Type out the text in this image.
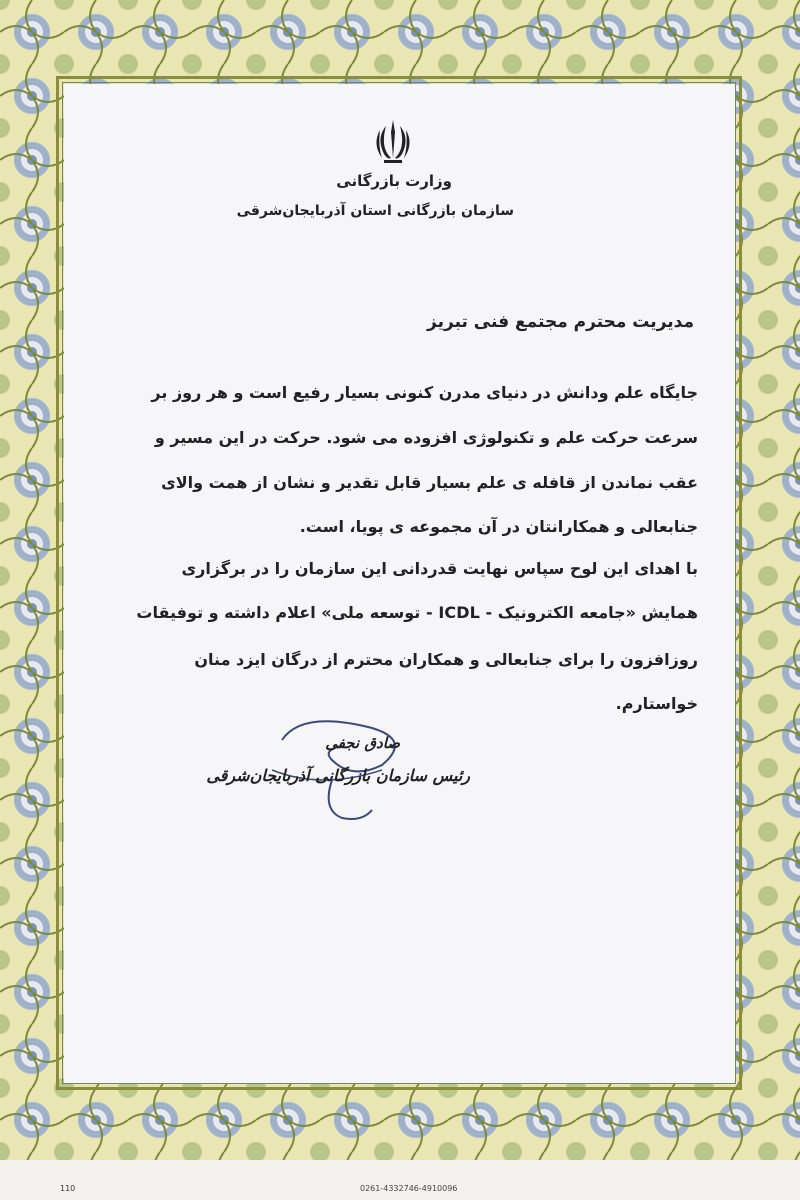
وزارت بازرگانی
سازمان بازرگانی استان آذربایجان‌شرقی
مدیریت محترم مجتمع فنی تبریز
جایگاه علم ودانش در دنیای مدرن کنونی بسیار رفیع است و هر روز بر
سرعت حرکت علم و تکنولوژی افزوده می شود. حرکت در این مسیر و
عقب نماندن از قافله ی علم بسیار قابل تقدیر و نشان از همت والای
جنابعالی و همکارانتان در آن مجموعه ی پویا، است.
با اهدای این لوح سپاس نهایت قدردانی این سازمان را در برگزاری
همایش «جامعه الکترونیک - ICDL - توسعه ملی» اعلام داشته و توفیقات
روزافزون را برای جنابعالی و همکاران محترم از درگان ایزد منان
خواستارم.
صادق نجفی
رئیس سازمان بازرگانی آذربایجان‌شرقی
110	0261-4332746-4910096
